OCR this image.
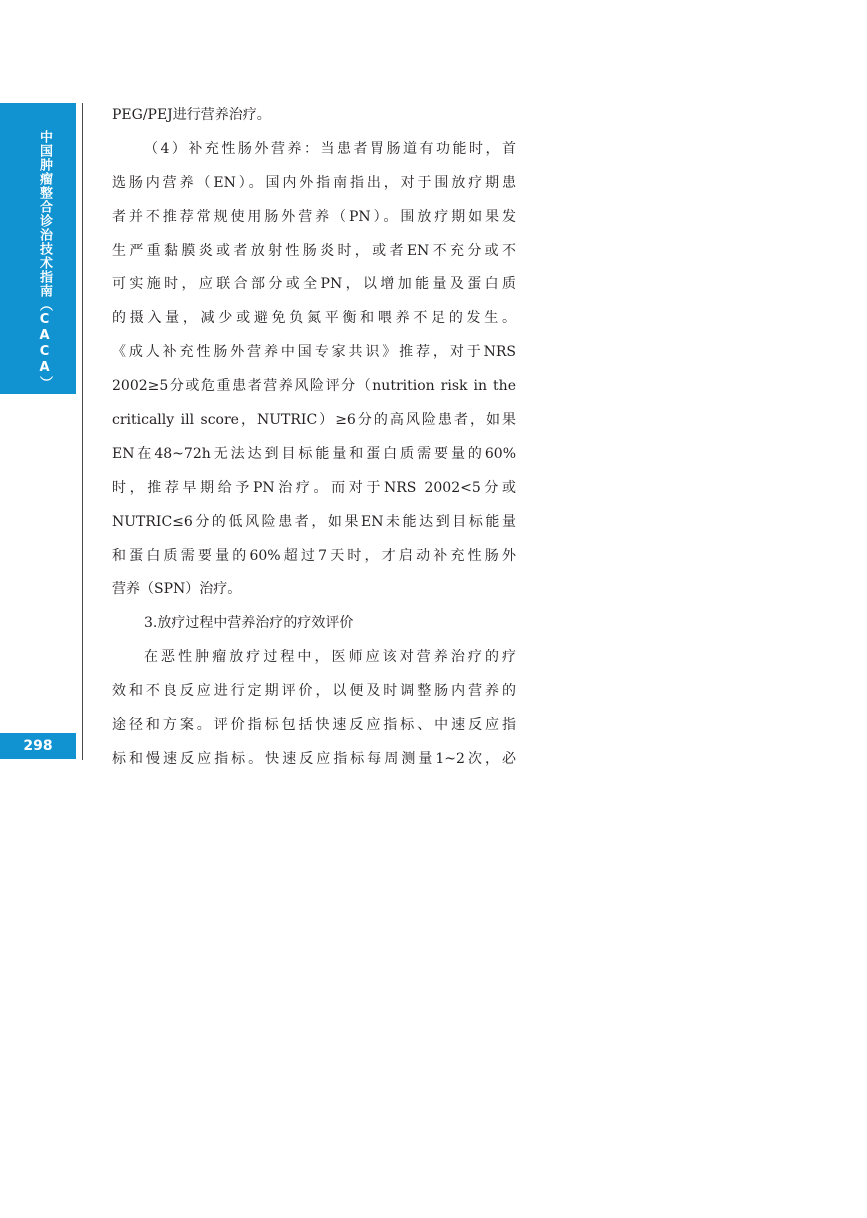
中国肿瘤整合诊治技术指南（CACA）
298
PEG/PEJ进行营养治疗。
（4）补充性肠外营养：当患者胃肠道有功能时，首
选肠内营养（EN）。国内外指南指出，对于围放疗期患
者并不推荐常规使用肠外营养（PN）。围放疗期如果发
生严重黏膜炎或者放射性肠炎时，或者EN不充分或不
可实施时，应联合部分或全PN，以增加能量及蛋白质
的摄入量，减少或避免负氮平衡和喂养不足的发生。
《成人补充性肠外营养中国专家共识》推荐，对于NRS
2002≥5分或危重患者营养风险评分（nutrition risk in the
critically ill score，NUTRIC）≥6分的高风险患者，如果
EN在48~72h无法达到目标能量和蛋白质需要量的60%
时，推荐早期给予PN治疗。而对于NRS 2002<5分或
NUTRIC≤6分的低风险患者，如果EN未能达到目标能量
和蛋白质需要量的60%超过7天时，才启动补充性肠外
营养（SPN）治疗。
3.放疗过程中营养治疗的疗效评价
在恶性肿瘤放疗过程中，医师应该对营养治疗的疗
效和不良反应进行定期评价，以便及时调整肠内营养的
途径和方案。评价指标包括快速反应指标、中速反应指
标和慢速反应指标。快速反应指标每周测量1~2次，必
